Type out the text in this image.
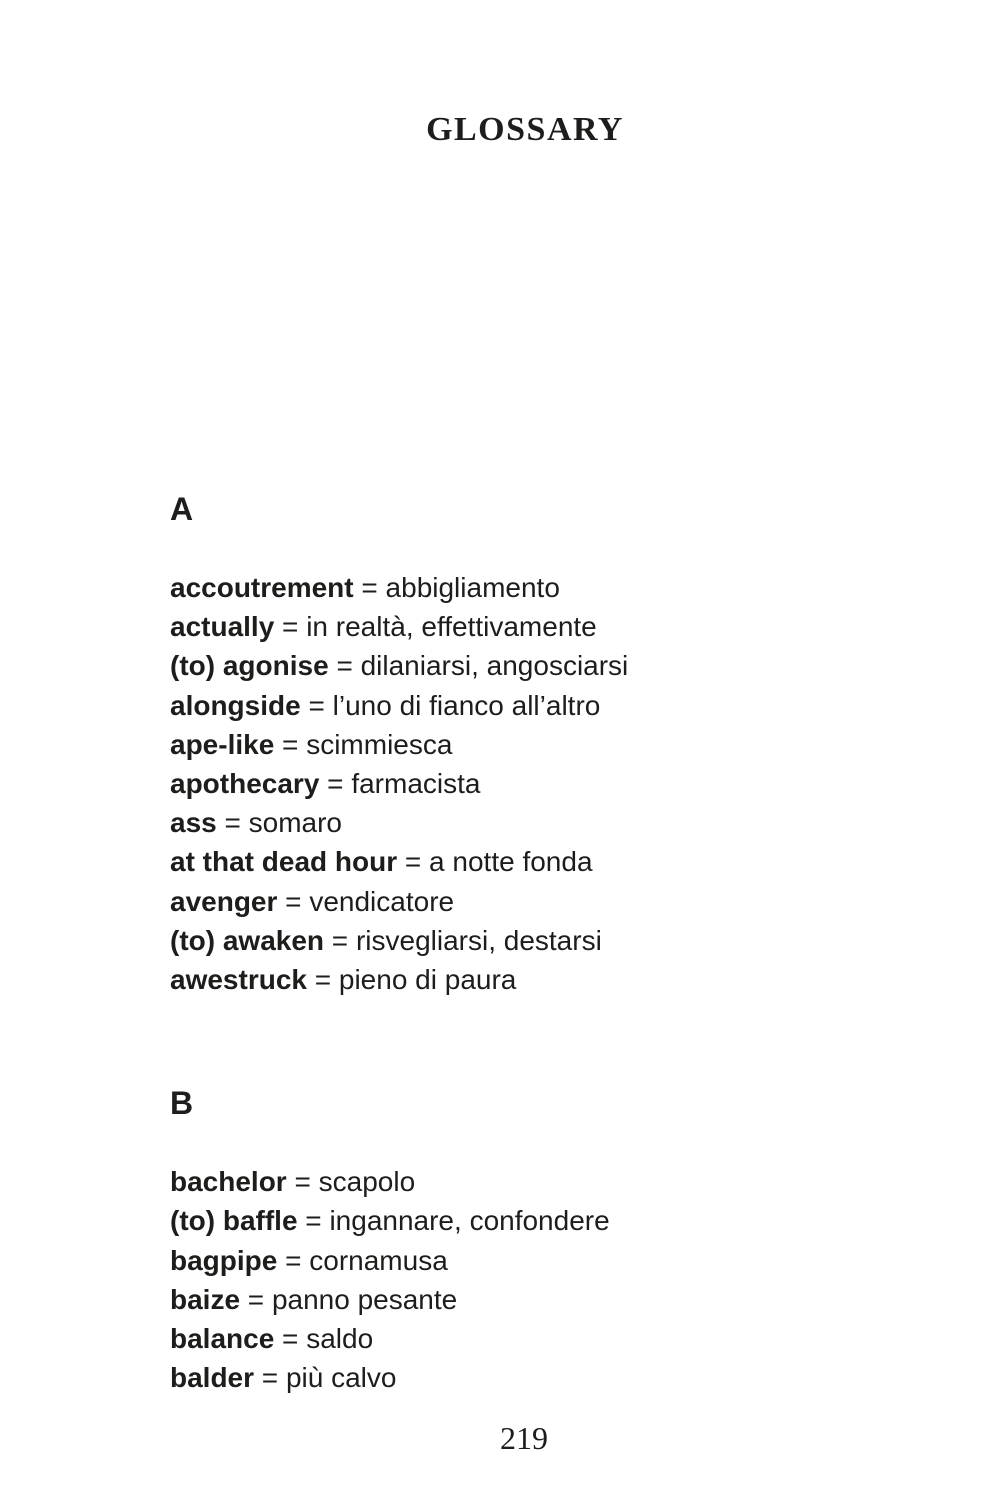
GLOSSARY
A
accoutrement = abbigliamento
actually = in realtà, effettivamente
(to) agonise = dilaniarsi, angosciarsi
alongside = l’uno di fianco all’altro
ape-like = scimmiesca
apothecary = farmacista
ass = somaro
at that dead hour = a notte fonda
avenger = vendicatore
(to) awaken = risvegliarsi, destarsi
awestruck = pieno di paura
B
bachelor = scapolo
(to) baffle = ingannare, confondere
bagpipe = cornamusa
baize = panno pesante
balance = saldo
balder = più calvo
219
